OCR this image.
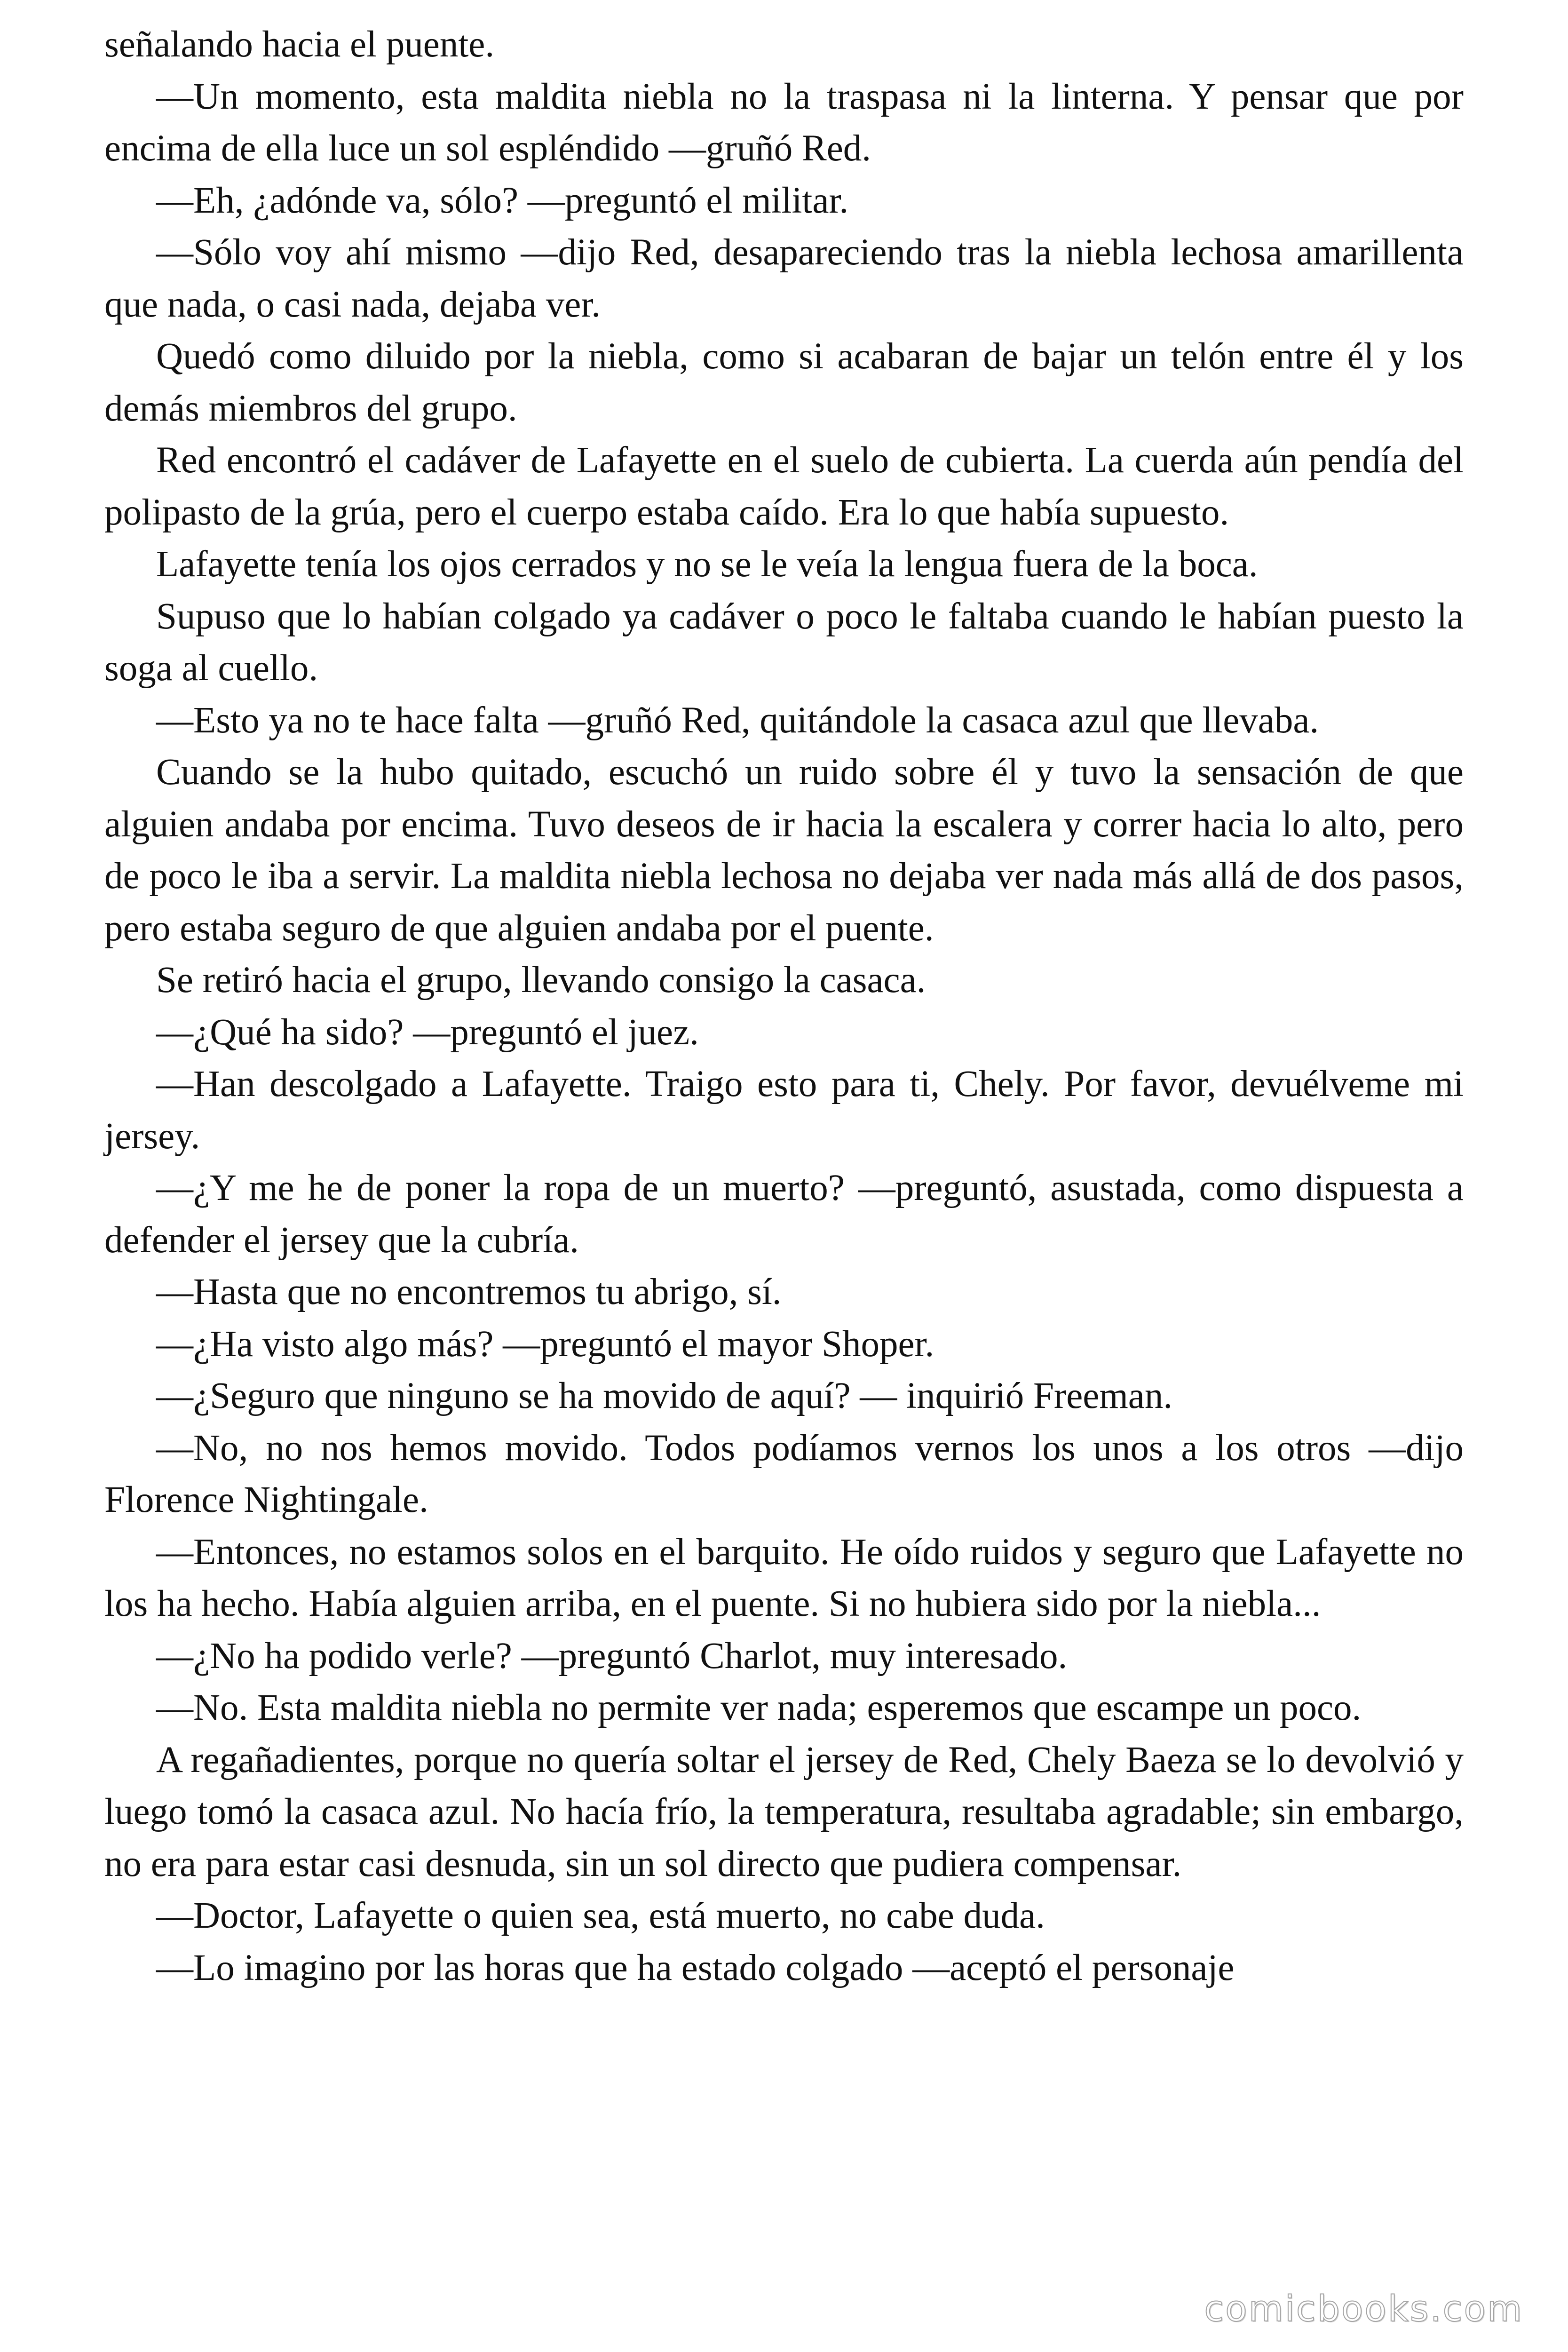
señalando hacia el puente.

—Un momento, esta maldita niebla no la traspasa ni la linterna. Y pensar que por encima de ella luce un sol espléndido —gruñó Red.

—Eh, ¿adónde va, sólo? —preguntó el militar.

—Sólo voy ahí mismo —dijo Red, desapareciendo tras la niebla lechosa amarillenta que nada, o casi nada, dejaba ver.

Quedó como diluido por la niebla, como si acabaran de bajar un telón entre él y los demás miembros del grupo.

Red encontró el cadáver de Lafayette en el suelo de cubierta. La cuerda aún pendía del polipasto de la grúa, pero el cuerpo estaba caído. Era lo que había supuesto.

Lafayette tenía los ojos cerrados y no se le veía la lengua fuera de la boca.

Supuso que lo habían colgado ya cadáver o poco le faltaba cuando le habían puesto la soga al cuello.

—Esto ya no te hace falta —gruñó Red, quitándole la casaca azul que llevaba.

Cuando se la hubo quitado, escuchó un ruido sobre él y tuvo la sensación de que alguien andaba por encima. Tuvo deseos de ir hacia la escalera y correr hacia lo alto, pero de poco le iba a servir. La maldita niebla lechosa no dejaba ver nada más allá de dos pasos, pero estaba seguro de que alguien andaba por el puente.

Se retiró hacia el grupo, llevando consigo la casaca.

—¿Qué ha sido? —preguntó el juez.

—Han descolgado a Lafayette. Traigo esto para ti, Chely. Por favor, devuélveme mi jersey.

—¿Y me he de poner la ropa de un muerto? —preguntó, asustada, como dispuesta a defender el jersey que la cubría.

—Hasta que no encontremos tu abrigo, sí.

—¿Ha visto algo más? —preguntó el mayor Shoper.

—¿Seguro que ninguno se ha movido de aquí? — inquirió Freeman.

—No, no nos hemos movido. Todos podíamos vernos los unos a los otros —dijo Florence Nightingale.

—Entonces, no estamos solos en el barquito. He oído ruidos y seguro que Lafayette no los ha hecho. Había alguien arriba, en el puente. Si no hubiera sido por la niebla...

—¿No ha podido verle? —preguntó Charlot, muy interesado.

—No. Esta maldita niebla no permite ver nada; esperemos que escampe un poco.

A regañadientes, porque no quería soltar el jersey de Red, Chely Baeza se lo devolvió y luego tomó la casaca azul. No hacía frío, la temperatura, resultaba agradable; sin embargo, no era para estar casi desnuda, sin un sol directo que pudiera compensar.

—Doctor, Lafayette o quien sea, está muerto, no cabe duda.

—Lo imagino por las horas que ha estado colgado —aceptó el personaje

comicbooks.com
